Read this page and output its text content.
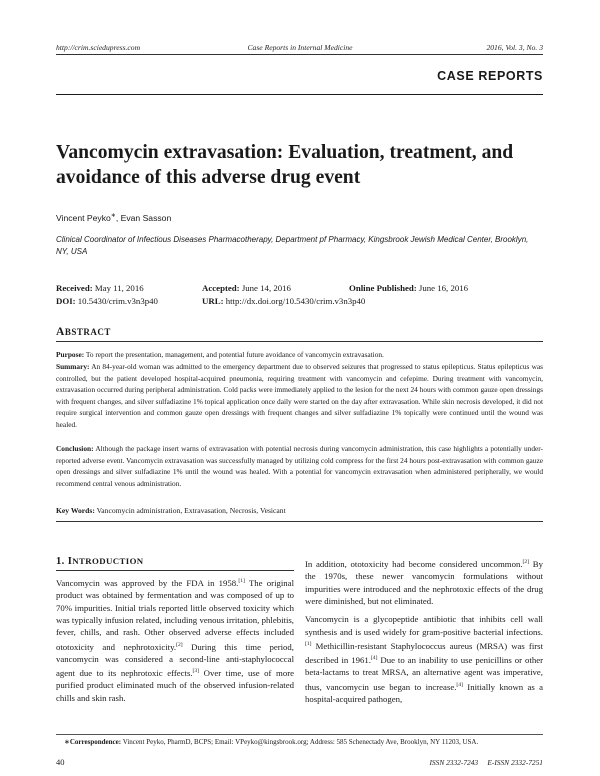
http://crim.sciedupress.com	Case Reports in Internal Medicine	2016, Vol. 3, No. 3
CASE REPORTS
Vancomycin extravasation: Evaluation, treatment, and avoidance of this adverse drug event
Vincent Peyko∗, Evan Sasson
Clinical Coordinator of Infectious Diseases Pharmacotherapy, Department pf Pharmacy, Kingsbrook Jewish Medical Center, Brooklyn, NY, USA
Received: May 11, 2016	Accepted: June 14, 2016	Online Published: June 16, 2016
DOI: 10.5430/crim.v3n3p40	URL: http://dx.doi.org/10.5430/crim.v3n3p40
ABSTRACT
Purpose: To report the presentation, management, and potential future avoidance of vancomycin extravasation.
Summary: An 84-year-old woman was admitted to the emergency department due to observed seizures that progressed to status epilepticus. Status epilepticus was controlled, but the patient developed hospital-acquired pneumonia, requiring treatment with vancomycin and cefepime. During treatment with vancomycin, extravasation occurred during peripheral administration. Cold packs were immediately applied to the lesion for the next 24 hours with common gauze open dressings with frequent changes, and silver sulfadiazine 1% topical application once daily were started on the day after extravasation. While skin necrosis developed, it did not require surgical intervention and common gauze open dressings with frequent changes and silver sulfadiazine 1% topically were continued until the wound was healed.
Conclusion: Although the package insert warns of extravasation with potential necrosis during vancomycin administration, this case highlights a potentially under-reported adverse event. Vancomycin extravasation was successfully managed by utilizing cold compress for the first 24 hours post-extravasation with common gauze open dressings and silver sulfadiazine 1% until the wound was healed. With a potential for vancomycin extravasation when administered peripherally, we would recommend central venous administration.
Key Words: Vancomycin administration, Extravasation, Necrosis, Vesicant
1. INTRODUCTION
Vancomycin was approved by the FDA in 1958.[1] The original product was obtained by fermentation and was composed of up to 70% impurities. Initial trials reported little observed toxicity which was typically infusion related, including venous irritation, phlebitis, fever, chills, and rash. Other observed adverse effects included ototoxicity and nephrotoxicity.[2] During this time period, vancomycin was considered a second-line anti-staphylococcal agent due to its nephrotoxic effects.[3] Over time, use of more purified product eliminated much of the observed infusion-related chills and skin rash.
In addition, ototoxicity had become considered uncommon.[2] By the 1970s, these newer vancomycin formulations without impurities were introduced and the nephrotoxic effects of the drug were diminished, but not eliminated.
Vancomycin is a glycopeptide antibiotic that inhibits cell wall synthesis and is used widely for gram-positive bacterial infections.[1] Methicillin-resistant Staphylococcus aureus (MRSA) was first described in 1961.[4] Due to an inability to use penicillins or other beta-lactams to treat MRSA, an alternative agent was imperative, thus, vancomycin use began to increase.[4] Initially known as a hospital-acquired pathogen,
∗Correspondence: Vincent Peyko, PharmD, BCPS; Email: VPeyko@kingsbrook.org; Address: 585 Schenectady Ave, Brooklyn, NY 11203, USA.
40	ISSN 2332-7243     E-ISSN 2332-7251
